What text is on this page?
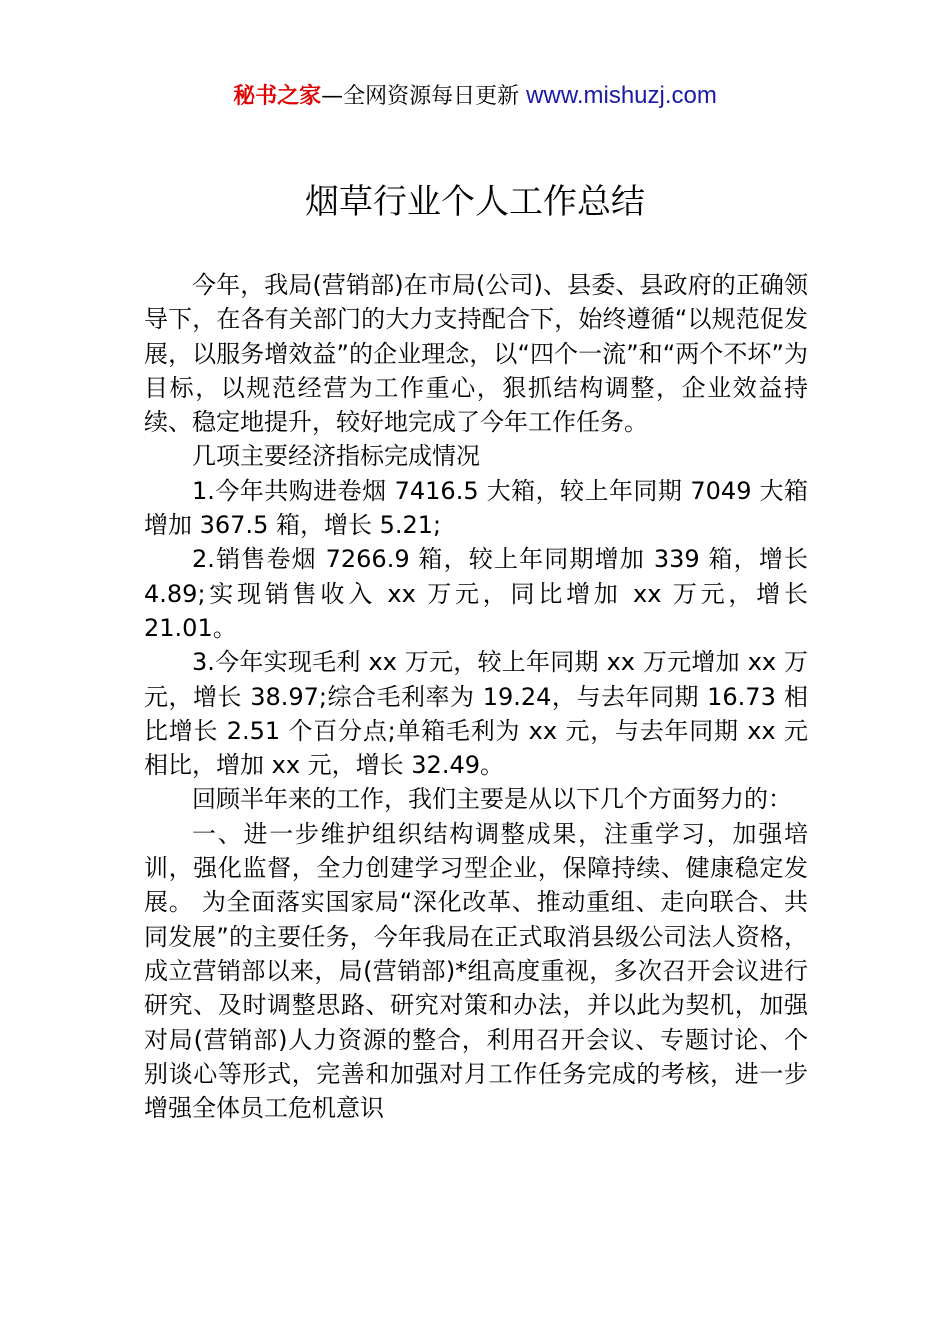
秘书之家—全网资源每日更新 www.mishuzj.com
烟草行业个人工作总结

今年，我局(营销部)在市局(公司)、县委、县政府的正确领导下，在各有关部门的大力支持配合下，始终遵循“以规范促发展，以服务增效益”的企业理念，以“四个一流”和“两个不坏”为目标，以规范经营为工作重心，狠抓结构调整，企业效益持续、稳定地提升，较好地完成了今年工作任务。

几项主要经济指标完成情况

1.今年共购进卷烟 7416.5 大箱，较上年同期 7049 大箱增加 367.5 箱，增长 5.21;

2.销售卷烟 7266.9 箱，较上年同期增加 339 箱，增长 4.89;实现销售收入 xx 万元，同比增加 xx 万元，增长 21.01。

3.今年实现毛利 xx 万元，较上年同期 xx 万元增加 xx 万元，增长 38.97;综合毛利率为 19.24，与去年同期 16.73 相比增长 2.51 个百分点;单箱毛利为 xx 元，与去年同期 xx 元相比，增加 xx 元，增长 32.49。

回顾半年来的工作，我们主要是从以下几个方面努力的：

一、进一步维护组织结构调整成果，注重学习，加强培训，强化监督，全力创建学习型企业，保障持续、健康稳定发展。 为全面落实国家局“深化改革、推动重组、走向联合、共同发展”的主要任务，今年我局在正式取消县级公司法人资格，成立营销部以来，局(营销部)*组高度重视，多次召开会议进行研究、及时调整思路、研究对策和办法，并以此为契机，加强对局(营销部)人力资源的整合，利用召开会议、专题讨论、个别谈心等形式，完善和加强对月工作任务完成的考核，进一步增强全体员工危机意识
